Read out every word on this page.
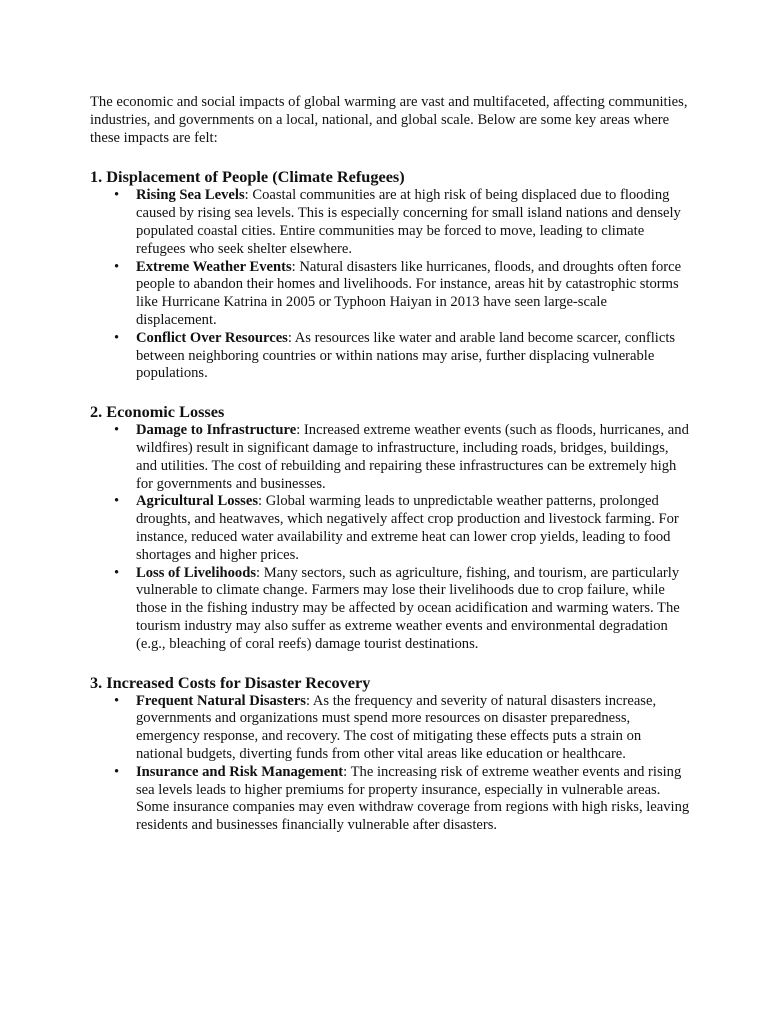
The economic and social impacts of global warming are vast and multifaceted, affecting communities, industries, and governments on a local, national, and global scale. Below are some key areas where these impacts are felt:

1. Displacement of People (Climate Refugees)
• Rising Sea Levels: Coastal communities are at high risk of being displaced due to flooding caused by rising sea levels. This is especially concerning for small island nations and densely populated coastal cities. Entire communities may be forced to move, leading to climate refugees who seek shelter elsewhere.
• Extreme Weather Events: Natural disasters like hurricanes, floods, and droughts often force people to abandon their homes and livelihoods. For instance, areas hit by catastrophic storms like Hurricane Katrina in 2005 or Typhoon Haiyan in 2013 have seen large-scale displacement.
• Conflict Over Resources: As resources like water and arable land become scarcer, conflicts between neighboring countries or within nations may arise, further displacing vulnerable populations.
2. Economic Losses
• Damage to Infrastructure: Increased extreme weather events (such as floods, hurricanes, and wildfires) result in significant damage to infrastructure, including roads, bridges, buildings, and utilities. The cost of rebuilding and repairing these infrastructures can be extremely high for governments and businesses.
• Agricultural Losses: Global warming leads to unpredictable weather patterns, prolonged droughts, and heatwaves, which negatively affect crop production and livestock farming. For instance, reduced water availability and extreme heat can lower crop yields, leading to food shortages and higher prices.
• Loss of Livelihoods: Many sectors, such as agriculture, fishing, and tourism, are particularly vulnerable to climate change. Farmers may lose their livelihoods due to crop failure, while those in the fishing industry may be affected by ocean acidification and warming waters. The tourism industry may also suffer as extreme weather events and environmental degradation (e.g., bleaching of coral reefs) damage tourist destinations.
3. Increased Costs for Disaster Recovery
• Frequent Natural Disasters: As the frequency and severity of natural disasters increase, governments and organizations must spend more resources on disaster preparedness, emergency response, and recovery. The cost of mitigating these effects puts a strain on national budgets, diverting funds from other vital areas like education or healthcare.
• Insurance and Risk Management: The increasing risk of extreme weather events and rising sea levels leads to higher premiums for property insurance, especially in vulnerable areas. Some insurance companies may even withdraw coverage from regions with high risks, leaving residents and businesses financially vulnerable after disasters.
